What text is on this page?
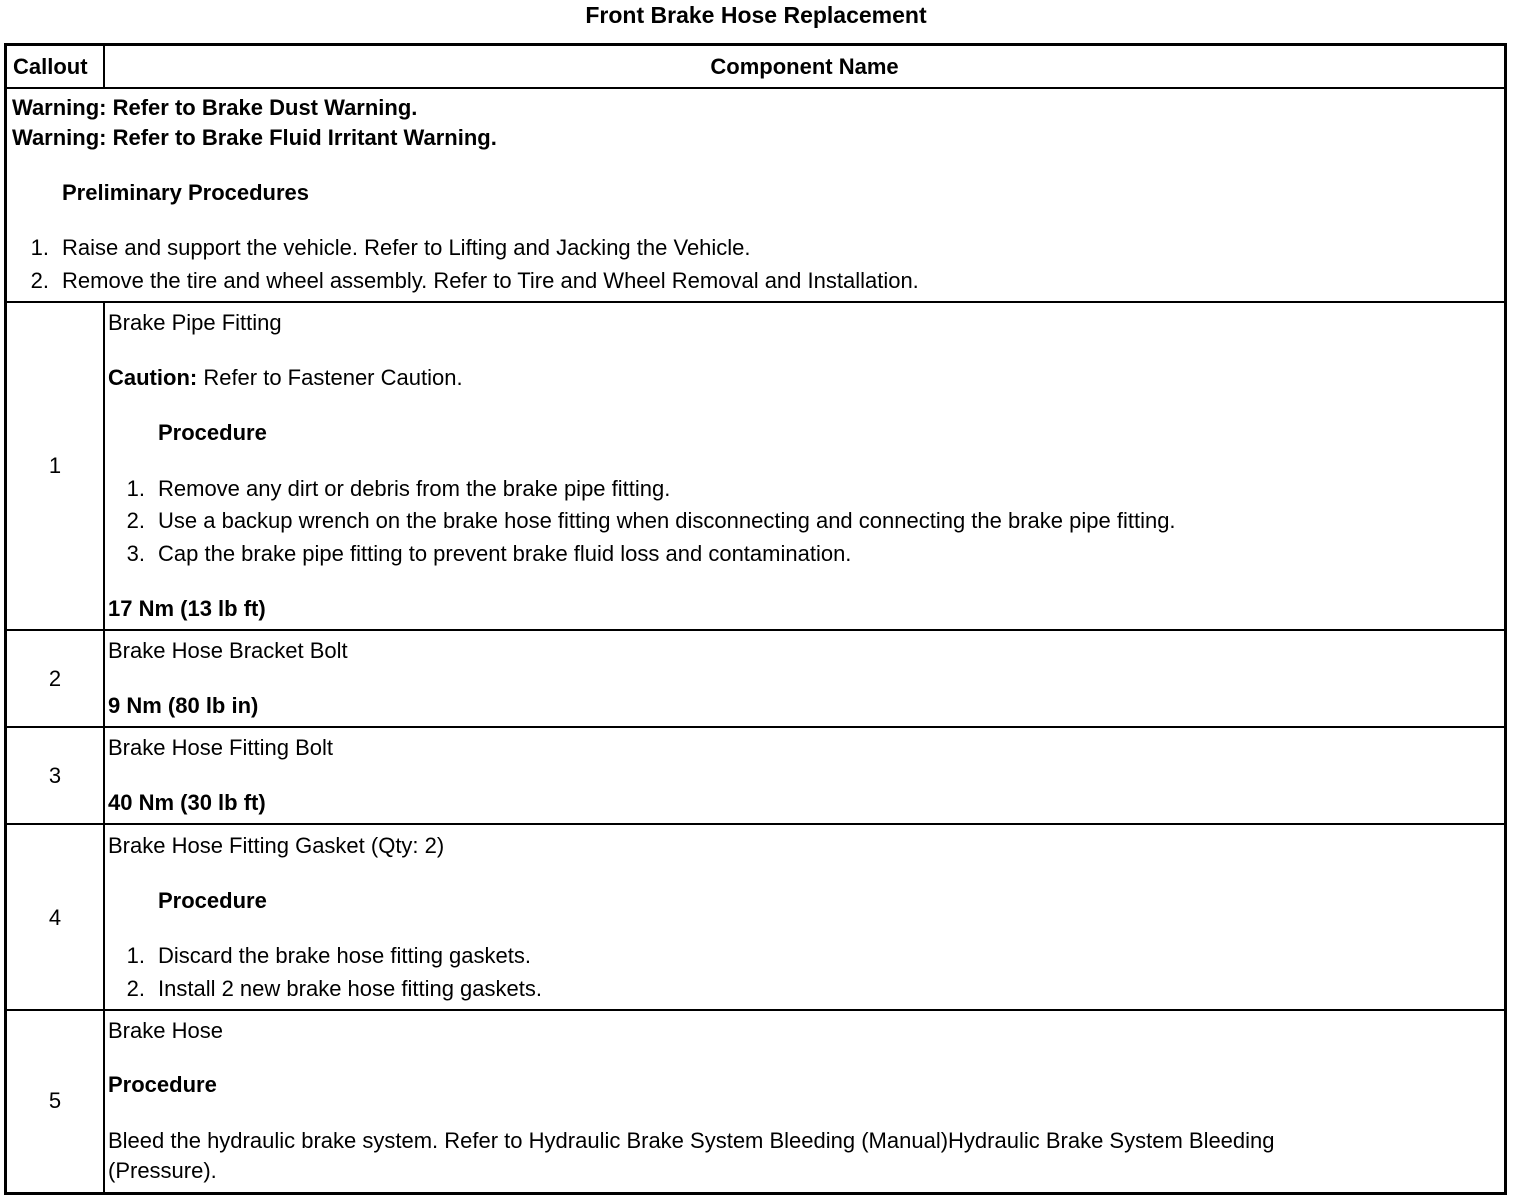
Front Brake Hose Replacement
Callout	Component Name
Warning: Refer to Brake Dust Warning.
Warning: Refer to Brake Fluid Irritant Warning.
Preliminary Procedures
1. Raise and support the vehicle. Refer to Lifting and Jacking the Vehicle.
2. Remove the tire and wheel assembly. Refer to Tire and Wheel Removal and Installation.
1
Brake Pipe Fitting
Caution: Refer to Fastener Caution.
Procedure
1. Remove any dirt or debris from the brake pipe fitting.
2. Use a backup wrench on the brake hose fitting when disconnecting and connecting the brake pipe fitting.
3. Cap the brake pipe fitting to prevent brake fluid loss and contamination.
17 Nm (13 lb ft)
2
Brake Hose Bracket Bolt
9 Nm (80 lb in)
3
Brake Hose Fitting Bolt
40 Nm (30 lb ft)
4
Brake Hose Fitting Gasket (Qty: 2)
Procedure
1. Discard the brake hose fitting gaskets.
2. Install 2 new brake hose fitting gaskets.
5
Brake Hose
Procedure
Bleed the hydraulic brake system. Refer to Hydraulic Brake System Bleeding (Manual)Hydraulic Brake System Bleeding
(Pressure).
